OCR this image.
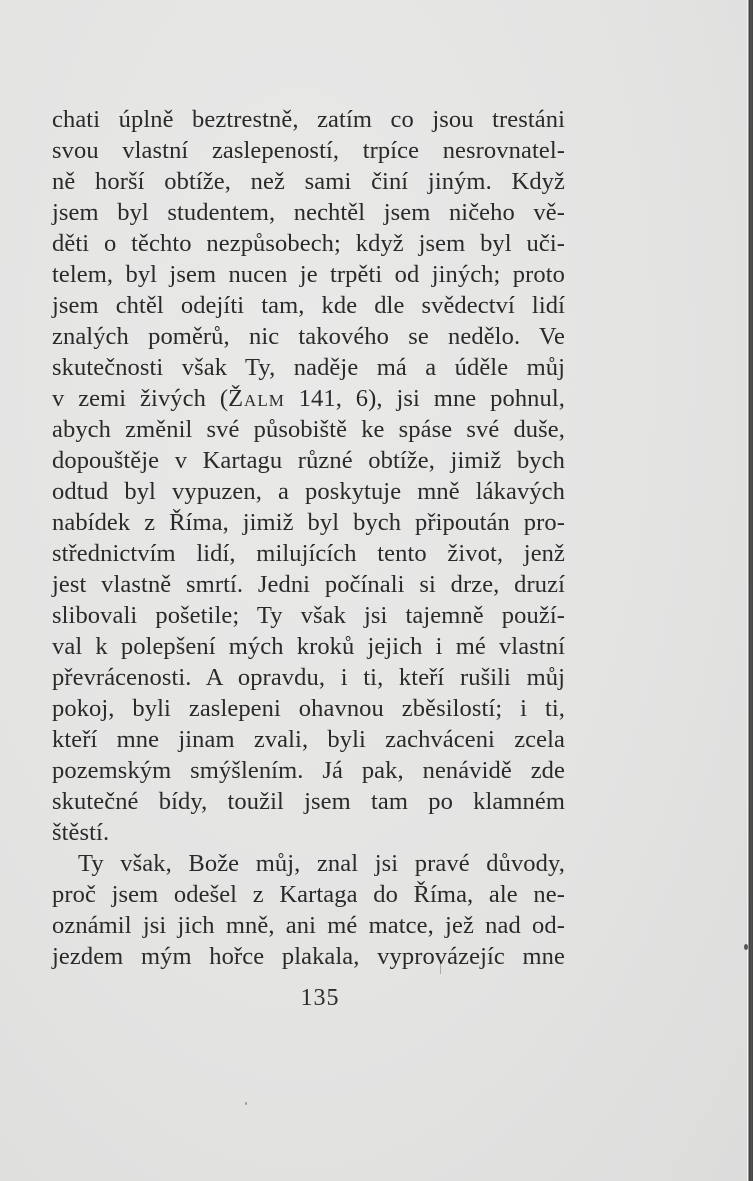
chati úplně beztrestně, zatím co jsou trestáni
svou vlastní zaslepeností, trpíce nesrovnatel-
ně horší obtíže, než sami činí jiným. Když
jsem byl studentem, nechtěl jsem ničeho vě-
děti o těchto nezpůsobech; když jsem byl uči-
telem, byl jsem nucen je trpěti od jiných; proto
jsem chtěl odejíti tam, kde dle svědectví lidí
znalých poměrů, nic takového se nedělo. Ve
skutečnosti však Ty, naděje má a úděle můj
v zemi živých (Žalm 141, 6), jsi mne pohnul,
abych změnil své působiště ke spáse své duše,
dopouštěje v Kartagu různé obtíže, jimiž bych
odtud byl vypuzen, a poskytuje mně lákavých
nabídek z Říma, jimiž byl bych připoután pro-
střednictvím lidí, milujících tento život, jenž
jest vlastně smrtí. Jedni počínali si drze, druzí
slibovali pošetile; Ty však jsi tajemně použí-
val k polepšení mých kroků jejich i mé vlastní
převrácenosti. A opravdu, i ti, kteří rušili můj
pokoj, byli zaslepeni ohavnou zběsilostí; i ti,
kteří mne jinam zvali, byli zachváceni zcela
pozemským smýšlením. Já pak, nenávidě zde
skutečné bídy, toužil jsem tam po klamném
štěstí.
Ty však, Bože můj, znal jsi pravé důvody,
proč jsem odešel z Kartaga do Říma, ale ne-
oznámil jsi jich mně, ani mé matce, jež nad od-
jezdem mým hořce plakala, vyprovázejíc mne
135
